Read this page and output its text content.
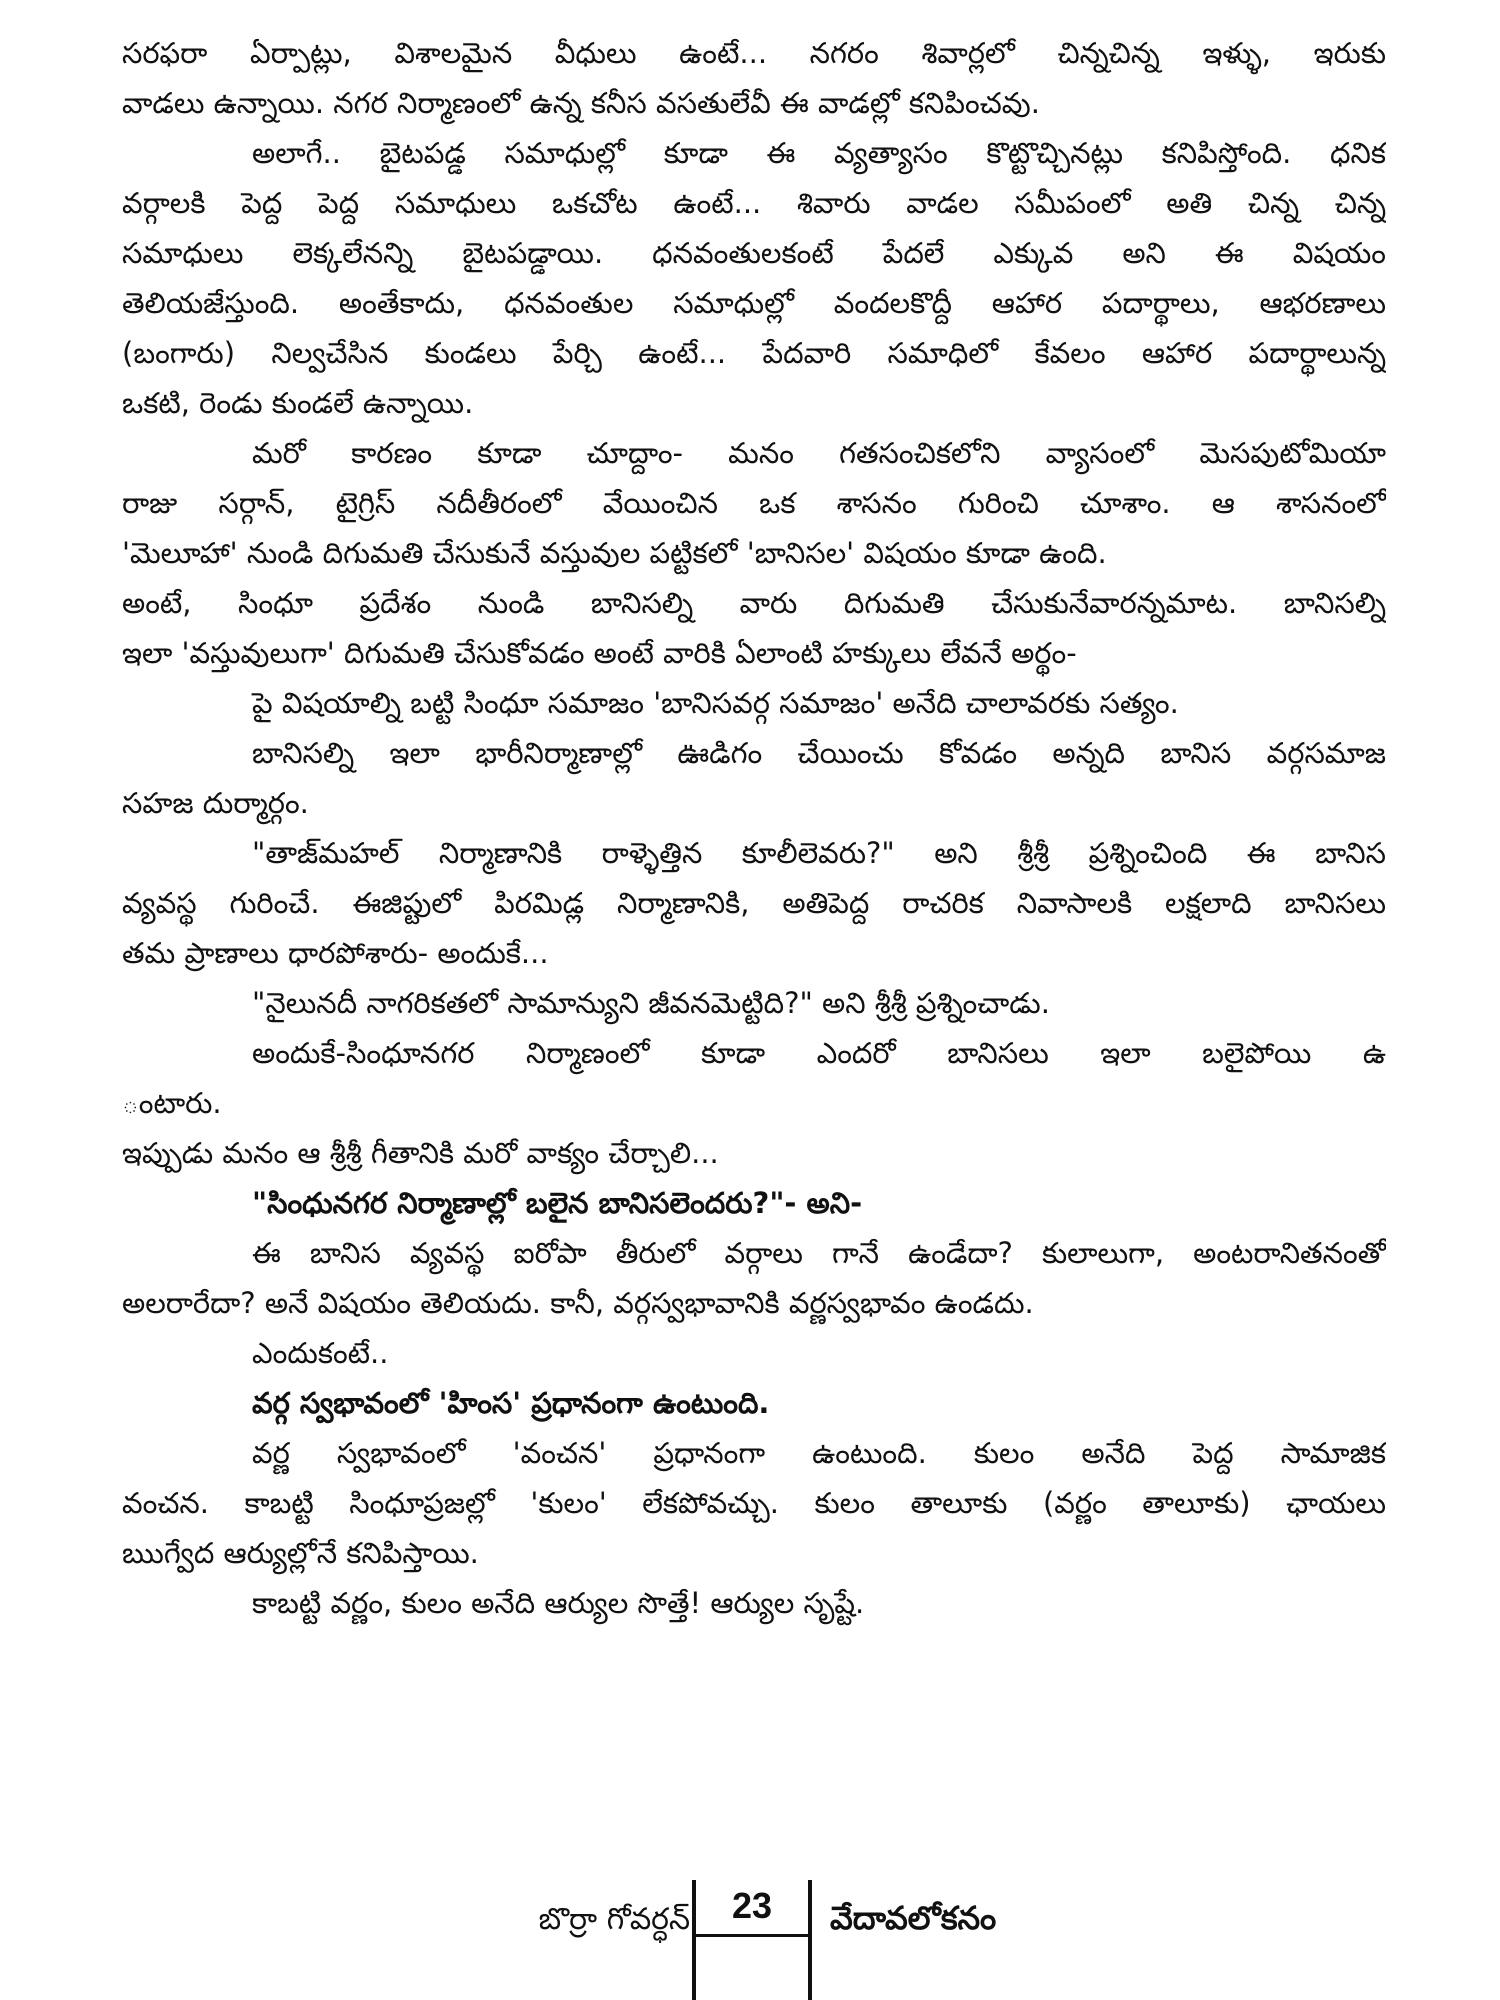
సరఫరా ఏర్పాట్లు, విశాలమైన వీధులు ఉంటే... నగరం శివార్లలో చిన్నచిన్న ఇళ్ళు, ఇరుకు
వాడలు ఉన్నాయి. నగర నిర్మాణంలో ఉన్న కనీస వసతులేవీ ఈ వాడల్లో కనిపించవు.
అలాగే.. బైటపడ్డ సమాధుల్లో కూడా ఈ వ్యత్యాసం కొట్టొచ్చినట్లు కనిపిస్తోంది. ధనిక
వర్గాలకి పెద్ద పెద్ద సమాధులు ఒకచోట ఉంటే... శివారు వాడల సమీపంలో అతి చిన్న చిన్న
సమాధులు లెక్కలేనన్ని బైటపడ్డాయి. ధనవంతులకంటే పేదలే ఎక్కువ అని ఈ విషయం
తెలియజేస్తుంది. అంతేకాదు, ధనవంతుల సమాధుల్లో వందలకొద్దీ ఆహార పదార్థాలు, ఆభరణాలు
(బంగారు) నిల్వచేసిన కుండలు పేర్చి ఉంటే... పేదవారి సమాధిలో కేవలం ఆహార పదార్థాలున్న
ఒకటి, రెండు కుండలే ఉన్నాయి.
మరో కారణం కూడా చూద్దాం- మనం గతసంచికలోని వ్యాసంలో మెసపుటోమియా
రాజు సర్గాన్, టైగ్రిస్ నదీతీరంలో వేయించిన ఒక శాసనం గురించి చూశాం. ఆ శాసనంలో
'మెలూహా' నుండి దిగుమతి చేసుకునే వస్తువుల పట్టికలో 'బానిసల' విషయం కూడా ఉంది.
అంటే, సింధూ ప్రదేశం నుండి బానిసల్ని వారు దిగుమతి చేసుకునేవారన్నమాట. బానిసల్ని
ఇలా 'వస్తువులుగా' దిగుమతి చేసుకోవడం అంటే వారికి ఏలాంటి హక్కులు లేవనే అర్థం-
పై విషయాల్ని బట్టి సింధూ సమాజం 'బానిసవర్గ సమాజం' అనేది చాలావరకు సత్యం.
బానిసల్ని ఇలా భారీనిర్మాణాల్లో ఊడిగం చేయించు కోవడం అన్నది బానిస వర్గసమాజ
సహజ దుర్మార్గం.
"తాజ్‌మహల్ నిర్మాణానికి రాళ్ళెత్తిన కూలీలెవరు?" అని శ్రీశ్రీ ప్రశ్నించింది ఈ బానిస
వ్యవస్థ గురించే. ఈజిప్టులో పిరమిడ్ల నిర్మాణానికి, అతిపెద్ద రాచరిక నివాసాలకి లక్షలాది బానిసలు
తమ ప్రాణాలు ధారపోశారు- అందుకే...
"నైలునదీ నాగరికతలో సామాన్యుని జీవనమెట్టిది?" అని శ్రీశ్రీ ప్రశ్నించాడు.
అందుకే-సింధూనగర నిర్మాణంలో కూడా ఎందరో బానిసలు ఇలా బలైపోయి ఉ
ంటారు.
ఇప్పుడు మనం ఆ శ్రీశ్రీ గీతానికి మరో వాక్యం చేర్చాలి...
"సింధునగర నిర్మాణాల్లో బలైన బానిసలెందరు?"- అని-
ఈ బానిస వ్యవస్థ ఐరోపా తీరులో వర్గాలు గానే ఉండేదా? కులాలుగా, అంటరానితనంతో
అలరారేదా? అనే విషయం తెలియదు. కానీ, వర్గస్వభావానికి వర్ణస్వభావం ఉండదు.
ఎందుకంటే..
వర్గ స్వభావంలో 'హింస' ప్రధానంగా ఉంటుంది.
వర్ణ స్వభావంలో 'వంచన' ప్రధానంగా ఉంటుంది. కులం అనేది పెద్ద సామాజిక
వంచన. కాబట్టి సింధూప్రజల్లో 'కులం' లేకపోవచ్చు. కులం తాలూకు (వర్ణం తాలూకు) ఛాయలు
ఋగ్వేద ఆర్యుల్లోనే కనిపిస్తాయి.
కాబట్టి వర్ణం, కులం అనేది ఆర్యుల సొత్తే! ఆర్యుల సృష్టే.
బొర్రా గోవర్ధన్	23	వేదావలోకనం
